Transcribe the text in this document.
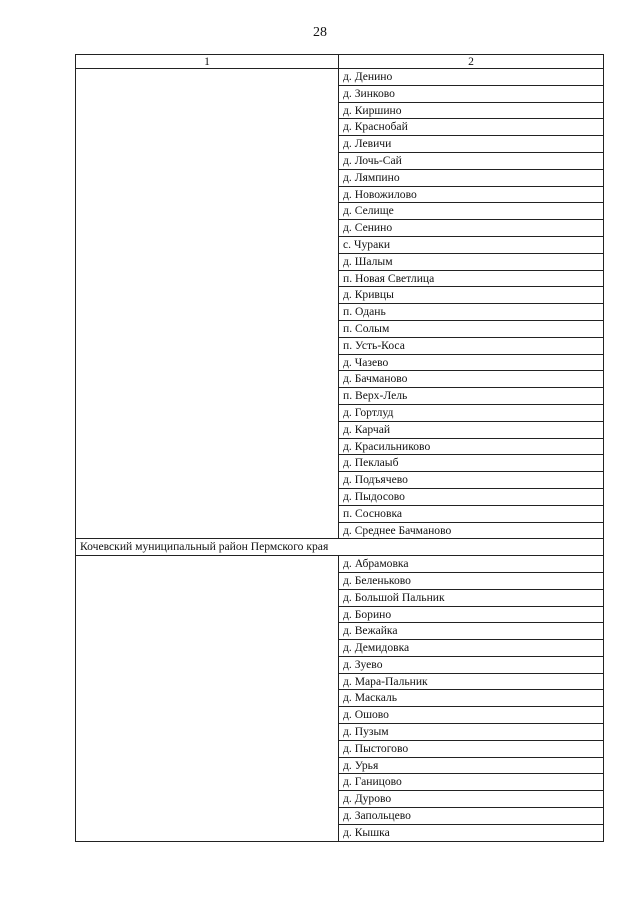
28
1	2
	д. Денино
	д. Зинково
	д. Киршино
	д. Краснобай
	д. Левичи
	д. Лочь-Сай
	д. Лямпино
	д. Новожилово
	д. Селище
	д. Сенино
	с. Чураки
	д. Шалым
	п. Новая Светлица
	д. Кривцы
	п. Одань
	п. Солым
	п. Усть-Коса
	д. Чазево
	д. Бачманово
	п. Верх-Лель
	д. Гортлуд
	д. Карчай
	д. Красильниково
	д. Пеклаыб
	д. Подъячево
	д. Пыдосово
	п. Сосновка
	д. Среднее Бачманово
Кочевский муниципальный район Пермского края	
	д. Абрамовка
	д. Беленьково
	д. Большой Пальник
	д. Борино
	д. Вежайка
	д. Демидовка
	д. Зуево
	д. Мара-Пальник
	д. Маскаль
	д. Ошово
	д. Пузым
	д. Пыстогово
	д. Урья
	д. Ганицово
	д. Дурово
	д. Запольцево
	д. Кышка
